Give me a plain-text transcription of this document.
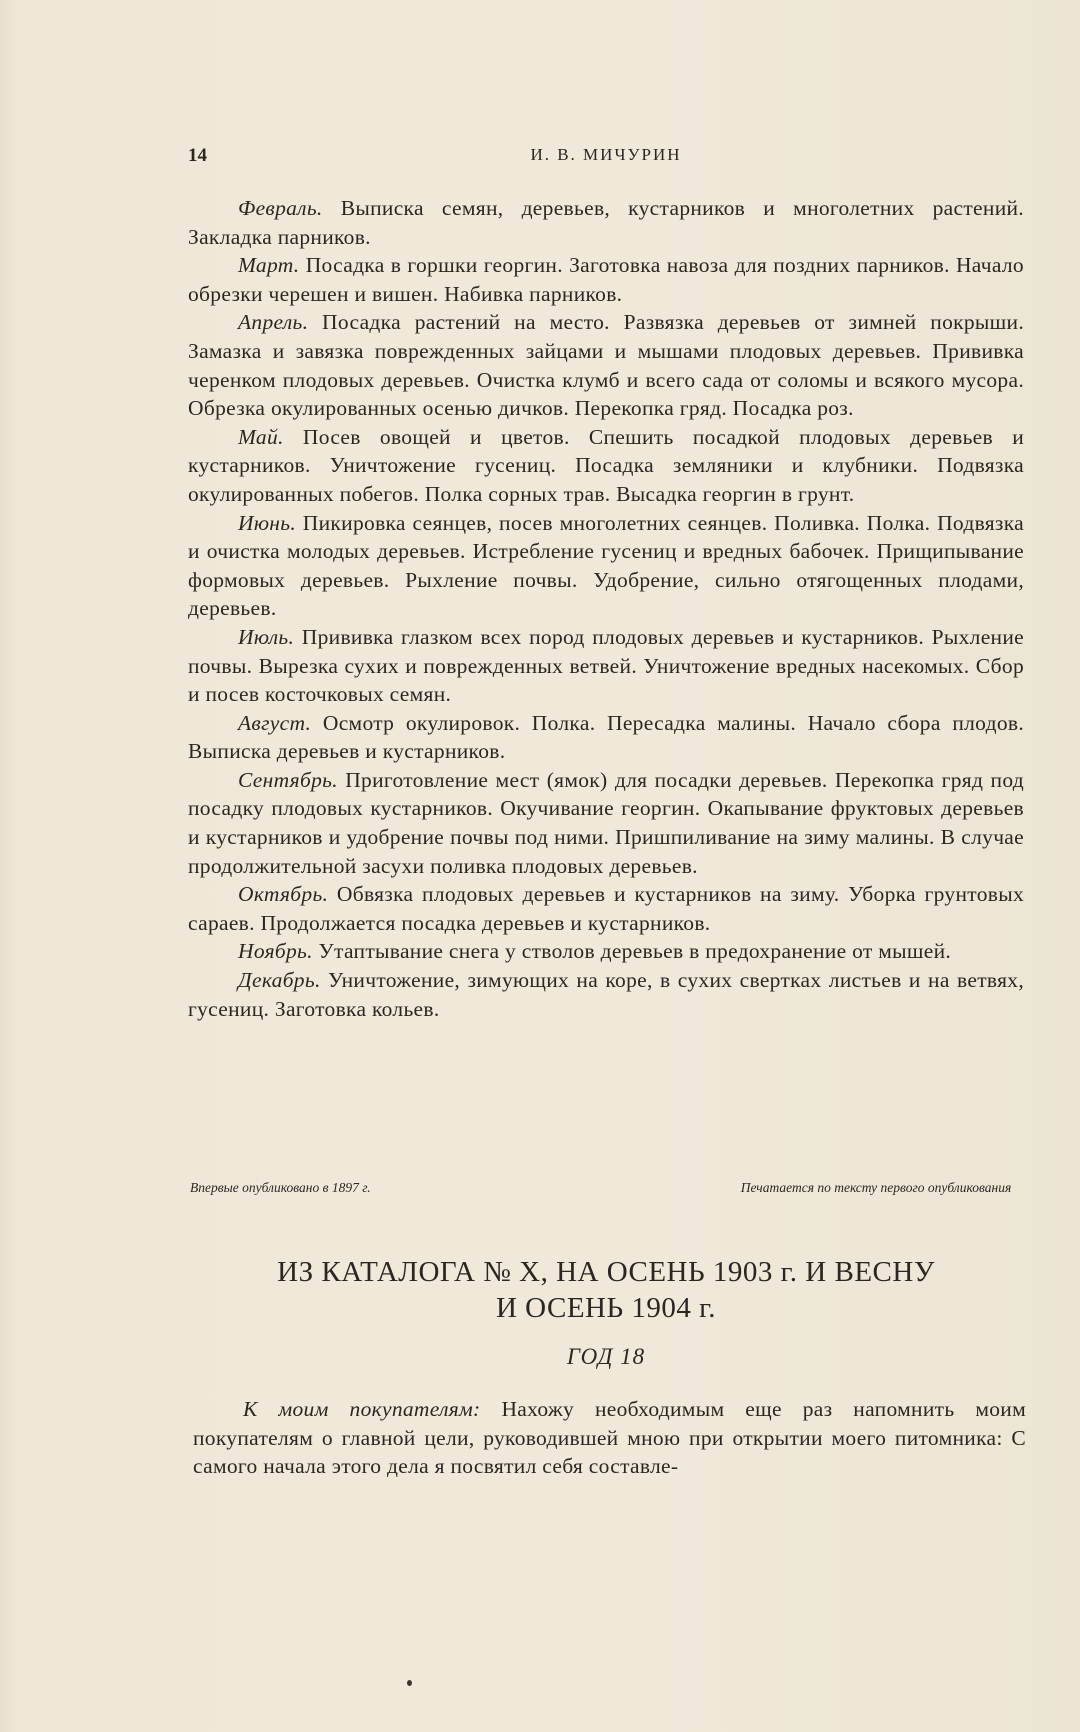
14	И. В. МИЧУРИН

Февраль. Выписка семян, деревьев, кустарников и многолетних растений. Закладка парников.

Март. Посадка в горшки георгин. Заготовка навоза для поздних парников. Начало обрезки черешен и вишен. Набивка парников.

Апрель. Посадка растений на место. Развязка деревьев от зимней покрыши. Замазка и завязка поврежденных зайцами и мышами плодовых деревьев. Прививка черенком плодовых деревьев. Очистка клумб и всего сада от соломы и всякого мусора. Обрезка окулированных осенью дичков. Перекопка гряд. Посадка роз.

Май. Посев овощей и цветов. Спешить посадкой плодовых деревьев и кустарников. Уничтожение гусениц. Посадка земляники и клубники. Подвязка окулированных побегов. Полка сорных трав. Высадка георгин в грунт.

Июнь. Пикировка сеянцев, посев многолетних сеянцев. Поливка. Полка. Подвязка и очистка молодых деревьев. Истребление гусениц и вредных бабочек. Прищипывание формовых деревьев. Рыхление почвы. Удобрение, сильно отягощенных плодами, деревьев.

Июль. Прививка глазком всех пород плодовых деревьев и кустарников. Рыхление почвы. Вырезка сухих и поврежденных ветвей. Уничтожение вредных насекомых. Сбор и посев косточковых семян.

Август. Осмотр окулировок. Полка. Пересадка малины. Начало сбора плодов. Выписка деревьев и кустарников.

Сентябрь. Приготовление мест (ямок) для посадки деревьев. Перекопка гряд под посадку плодовых кустарников. Окучивание георгин. Окапывание фруктовых деревьев и кустарников и удобрение почвы под ними. Пришпиливание на зиму малины. В случае продолжительной засухи поливка плодовых деревьев.

Октябрь. Обвязка плодовых деревьев и кустарников на зиму. Уборка грунтовых сараев. Продолжается посадка деревьев и кустарников.

Ноябрь. Утаптывание снега у стволов деревьев в предохранение от мышей.

Декабрь. Уничтожение, зимующих на коре, в сухих свертках листьев и на ветвях, гусениц. Заготовка кольев.

Впервые опубликовано в 1897 г.	Печатается по тексту первого опубликования
ИЗ КАТАЛОГА № X, НА ОСЕНЬ 1903 г. И ВЕСНУ
И ОСЕНЬ 1904 г.
ГОД 18

К моим покупателям: Нахожу необходимым еще раз напомнить моим покупателям о главной цели, руководившей мною при открытии моего питомника: С самого начала этого дела я посвятил себя составле-
